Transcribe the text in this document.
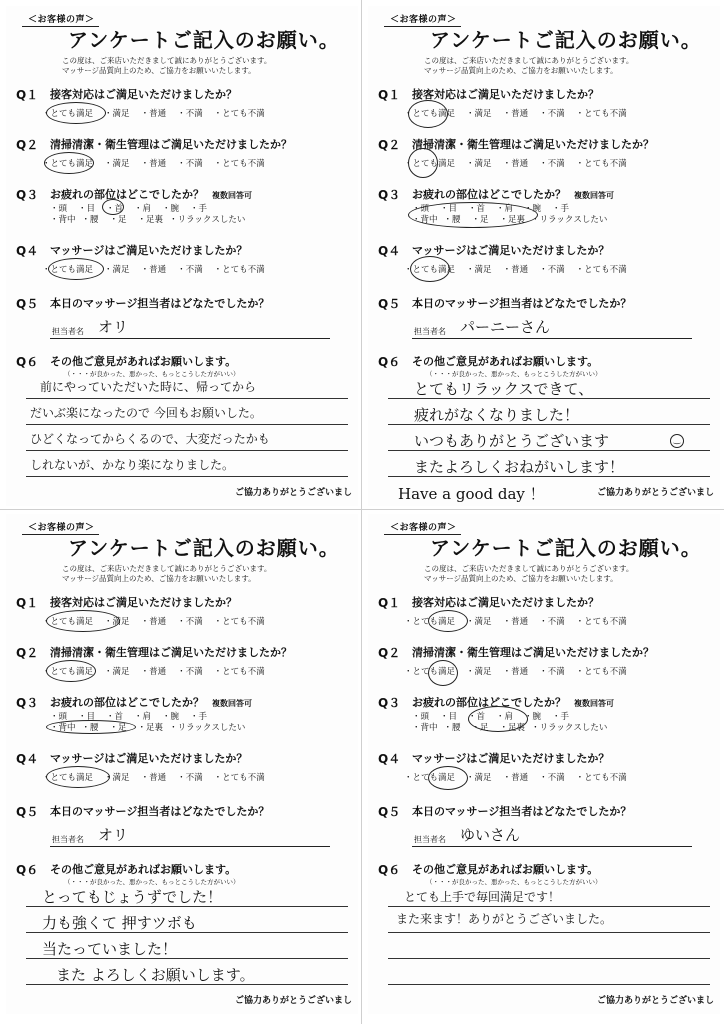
＜お客様の声＞
アンケートご記入のお願い。
この度は、ご来店いただきまして誠にありがとうございます。
マッサージ品質向上のため、ご協力をお願いいたします。
Q１	接客対応はご満足いただけましたか？
・ とても満足 ・ 満足 ・ 普通 ・ 不満 ・ とても不満
Q２	清掃清潔・衛生管理はご満足いただけましたか？
・ とても満足 ・ 満足 ・ 普通 ・ 不満 ・ とても不満
Q３	お疲れの部位はどこでしたか？ 複数回答可
・ 頭 ・ 目 ・ 首 ・ 肩 ・ 腕 ・ 手
・ 背中 ・ 腰 ・ 足 ・ 足裏 ・ リラックスしたい
Q４	マッサージはご満足いただけましたか？
・ とても満足 ・ 満足 ・ 普通 ・ 不満 ・ とても不満
Q５	本日のマッサージ担当者はどなたでしたか？
担当者名 オリ
Q６	その他ご意見があればお願いします。
（・・・が良かった、悪かった、もっとこうした方がいい）
ご協力ありがとうございまし
前にやっていただいた時に、帰ってから
だいぶ楽になったので 今回もお願いした。
ひどくなってからくるので、大変だったかも
しれないが、かなり楽になりました。
＜お客様の声＞
アンケートご記入のお願い。
この度は、ご来店いただきまして誠にありがとうございます。
マッサージ品質向上のため、ご協力をお願いいたします。
Q１	接客対応はご満足いただけましたか？
・ とても満足 ・ 満足 ・ 普通 ・ 不満 ・ とても不満
Q２	清掃清潔・衛生管理はご満足いただけましたか？
・ とても満足 ・ 満足 ・ 普通 ・ 不満 ・ とても不満
Q３	お疲れの部位はどこでしたか？ 複数回答可
・ 頭 ・ 目 ・ 首 ・ 肩 ・ 腕 ・ 手
・ 背中 ・ 腰 ・ 足 ・ 足裏 ・ リラックスしたい
Q４	マッサージはご満足いただけましたか？
・ とても満足 ・ 満足 ・ 普通 ・ 不満 ・ とても不満
Q５	本日のマッサージ担当者はどなたでしたか？
担当者名 パーニーさん
Q６	その他ご意見があればお願いします。
（・・・が良かった、悪かった、もっとこうした方がいい）
ご協力ありがとうございまし
とてもリラックスできて、
疲れがなくなりました！
いつもありがとうございます	‿
またよろしくおねがいします！
Have a good day ！
＜お客様の声＞
アンケートご記入のお願い。
この度は、ご来店いただきまして誠にありがとうございます。
マッサージ品質向上のため、ご協力をお願いいたします。
Q１	接客対応はご満足いただけましたか？
・ とても満足 ・ 満足 ・ 普通 ・ 不満 ・ とても不満
Q２	清掃清潔・衛生管理はご満足いただけましたか？
・ とても満足 ・ 満足 ・ 普通 ・ 不満 ・ とても不満
Q３	お疲れの部位はどこでしたか？ 複数回答可
・ 頭 ・ 目 ・ 首 ・ 肩 ・ 腕 ・ 手
・ 背中 ・ 腰 ・ 足 ・ 足裏 ・ リラックスしたい
Q４	マッサージはご満足いただけましたか？
・ とても満足 ・ 満足 ・ 普通 ・ 不満 ・ とても不満
Q５	本日のマッサージ担当者はどなたでしたか？
担当者名 オリ
Q６	その他ご意見があればお願いします。
（・・・が良かった、悪かった、もっとこうした方がいい）
ご協力ありがとうございまし
とってもじょうずでした！
力も強くて 押すツボも
当たっていました！
また よろしくお願いします。
＜お客様の声＞
アンケートご記入のお願い。
この度は、ご来店いただきまして誠にありがとうございます。
マッサージ品質向上のため、ご協力をお願いいたします。
Q１	接客対応はご満足いただけましたか？
・ とても満足 ・ 満足 ・ 普通 ・ 不満 ・ とても不満
Q２	清掃清潔・衛生管理はご満足いただけましたか？
・ とても満足 ・ 満足 ・ 普通 ・ 不満 ・ とても不満
Q３	お疲れの部位はどこでしたか？ 複数回答可
・ 頭 ・ 目 ・ 首 ・ 肩 ・ 腕 ・ 手
・ 背中 ・ 腰 ・ 足 ・ 足裏 ・ リラックスしたい
Q４	マッサージはご満足いただけましたか？
・ とても満足 ・ 満足 ・ 普通 ・ 不満 ・ とても不満
Q５	本日のマッサージ担当者はどなたでしたか？
担当者名 ゆいさん
Q６	その他ご意見があればお願いします。
（・・・が良かった、悪かった、もっとこうした方がいい）
ご協力ありがとうございまし
とても上手で毎回満足です！
また来ます！ありがとうございました。
